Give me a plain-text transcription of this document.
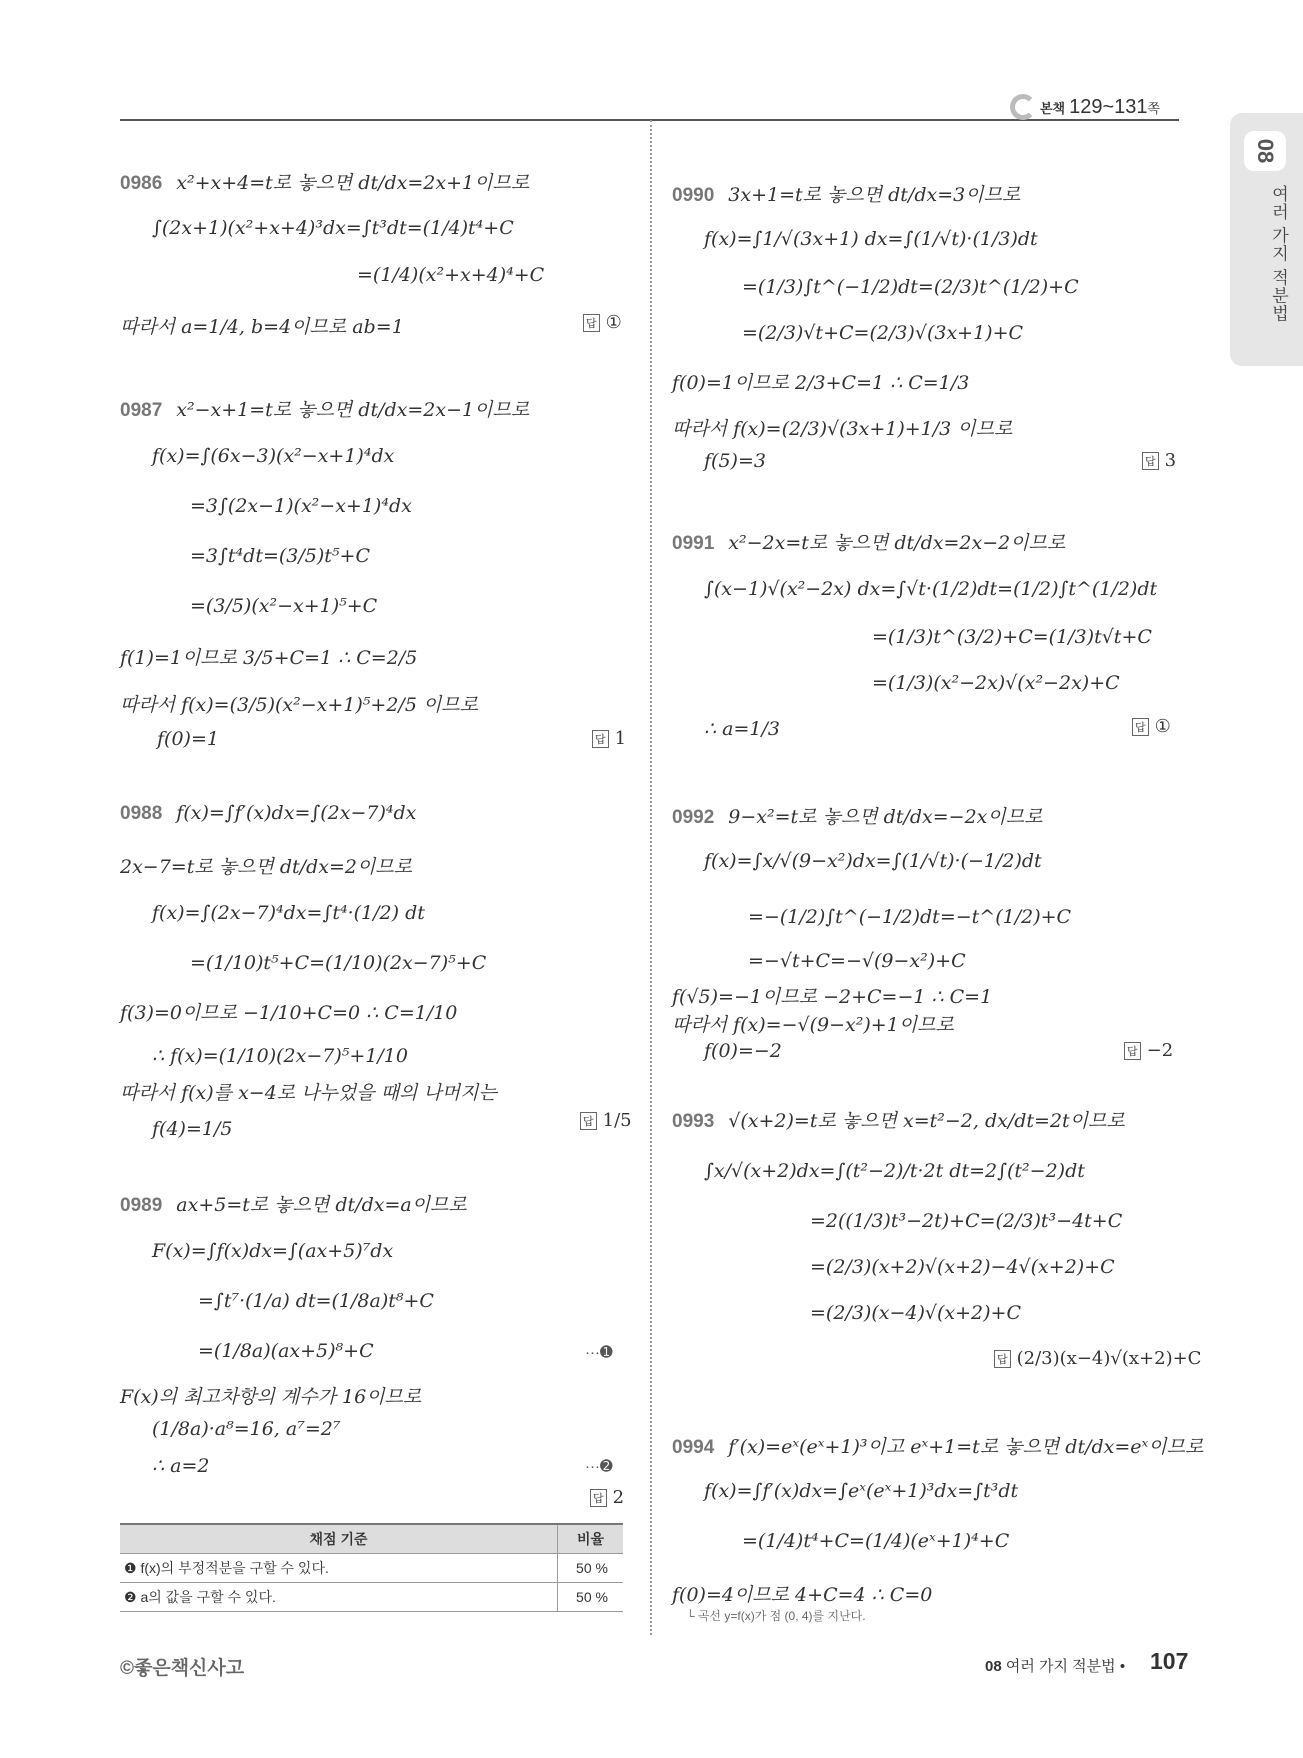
본책 129~131쪽
08
여러 가지 적분법
0986 x²+x+4=t로 놓으면 dt/dx=2x+1이므로
∫(2x+1)(x²+x+4)³dx=∫t³dt=(1/4)t⁴+C
=(1/4)(x²+x+4)⁴+C
따라서 a=1/4, b=4이므로 ab=1	답 ①
0987 x²−x+1=t로 놓으면 dt/dx=2x−1이므로
f(x)=∫(6x−3)(x²−x+1)⁴dx
=3∫(2x−1)(x²−x+1)⁴dx
=3∫t⁴dt=(3/5)t⁵+C
=(3/5)(x²−x+1)⁵+C
f(1)=1이므로 3/5+C=1 ∴ C=2/5
따라서 f(x)=(3/5)(x²−x+1)⁵+2/5 이므로
f(0)=1	답 1
0988 f(x)=∫f′(x)dx=∫(2x−7)⁴dx
2x−7=t로 놓으면 dt/dx=2이므로
f(x)=∫(2x−7)⁴dx=∫t⁴·(1/2) dt
=(1/10)t⁵+C=(1/10)(2x−7)⁵+C
f(3)=0이므로 −1/10+C=0 ∴ C=1/10
∴ f(x)=(1/10)(2x−7)⁵+1/10
따라서 f(x)를 x−4로 나누었을 때의 나머지는
f(4)=1/5	답 1/5
0989 ax+5=t로 놓으면 dt/dx=a이므로
F(x)=∫f(x)dx=∫(ax+5)⁷dx
=∫t⁷·(1/a) dt=(1/8a)t⁸+C
=(1/8a)(ax+5)⁸+C	···➊
F(x)의 최고차항의 계수가 16이므로
(1/8a)·a⁸=16, a⁷=2⁷
∴ a=2	···➋
답 2
채점 기준	비율
❶ f(x)의 부정적분을 구할 수 있다.	50 %
❷ a의 값을 구할 수 있다.	50 %
0990 3x+1=t로 놓으면 dt/dx=3이므로
f(x)=∫1/√(3x+1) dx=∫(1/√t)·(1/3)dt
=(1/3)∫t^(−1/2)dt=(2/3)t^(1/2)+C
=(2/3)√t+C=(2/3)√(3x+1)+C
f(0)=1이므로 2/3+C=1 ∴ C=1/3
따라서 f(x)=(2/3)√(3x+1)+1/3 이므로
f(5)=3	답 3
0991 x²−2x=t로 놓으면 dt/dx=2x−2이므로
∫(x−1)√(x²−2x) dx=∫√t·(1/2)dt=(1/2)∫t^(1/2)dt
=(1/3)t^(3/2)+C=(1/3)t√t+C
=(1/3)(x²−2x)√(x²−2x)+C
∴ a=1/3	답 ①
0992 9−x²=t로 놓으면 dt/dx=−2x이므로
f(x)=∫x/√(9−x²)dx=∫(1/√t)·(−1/2)dt
=−(1/2)∫t^(−1/2)dt=−t^(1/2)+C
=−√t+C=−√(9−x²)+C
f(√5)=−1이므로 −2+C=−1 ∴ C=1
따라서 f(x)=−√(9−x²)+1이므로
f(0)=−2	답 −2
0993 √(x+2)=t로 놓으면 x=t²−2, dx/dt=2t이므로
∫x/√(x+2)dx=∫(t²−2)/t·2t dt=2∫(t²−2)dt
=2((1/3)t³−2t)+C=(2/3)t³−4t+C
=(2/3)(x+2)√(x+2)−4√(x+2)+C
=(2/3)(x−4)√(x+2)+C
답 (2/3)(x−4)√(x+2)+C
0994 f′(x)=eˣ(eˣ+1)³이고 eˣ+1=t로 놓으면 dt/dx=eˣ이므로
f(x)=∫f′(x)dx=∫eˣ(eˣ+1)³dx=∫t³dt
=(1/4)t⁴+C=(1/4)(eˣ+1)⁴+C
f(0)=4이므로 4+C=4 ∴ C=0
└ 곡선 y=f(x)가 점 (0, 4)를 지난다.
©좋은책신사고	08 여러 가지 적분법 • 107
